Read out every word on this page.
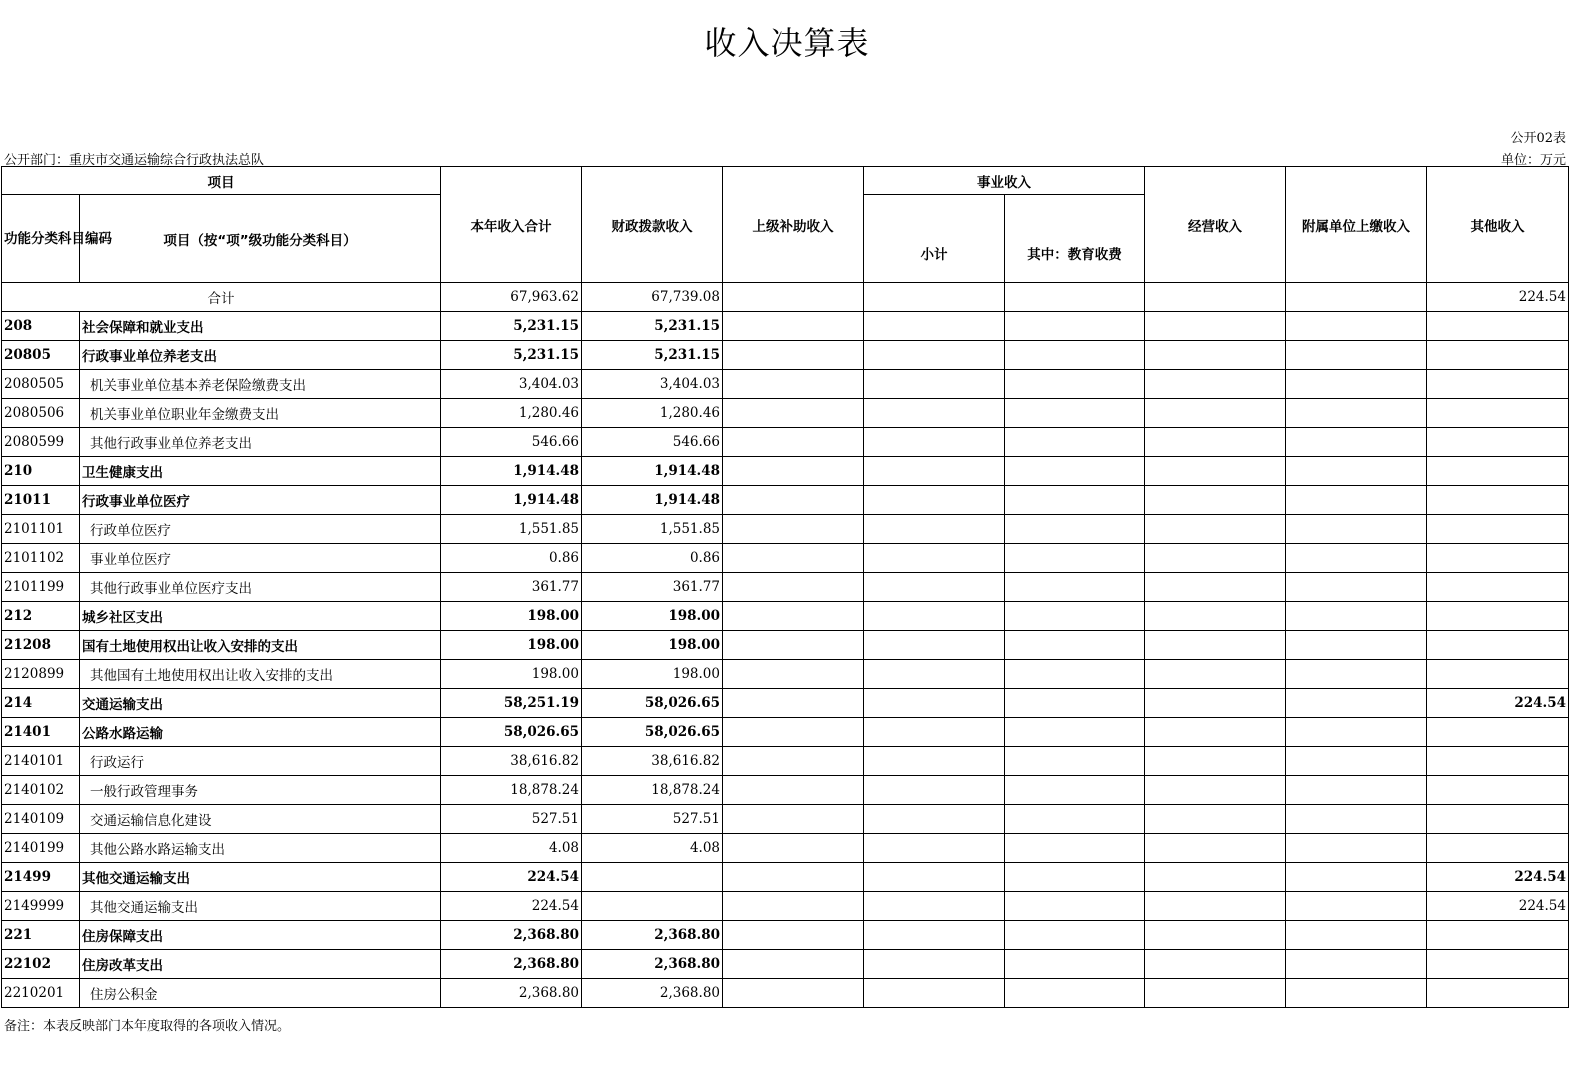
收入决算表
公开02表
公开部门：重庆市交通运输综合行政执法总队	单位：万元
项目		本年收入合计	财政拨款收入	上级补助收入	事业收入		经营收入	附属单位上缴收入	其他收入
功能分类科目编码	项目（按“项”级功能分类科目）				小计	其中：教育收费			
合计		67,963.62	67,739.08						224.54
208	社会保障和就业支出	5,231.15	5,231.15						
20805	行政事业单位养老支出	5,231.15	5,231.15						
2080505	机关事业单位基本养老保险缴费支出	3,404.03	3,404.03						
2080506	机关事业单位职业年金缴费支出	1,280.46	1,280.46						
2080599	其他行政事业单位养老支出	546.66	546.66						
210	卫生健康支出	1,914.48	1,914.48						
21011	行政事业单位医疗	1,914.48	1,914.48						
2101101	行政单位医疗	1,551.85	1,551.85						
2101102	事业单位医疗	0.86	0.86						
2101199	其他行政事业单位医疗支出	361.77	361.77						
212	城乡社区支出	198.00	198.00						
21208	国有土地使用权出让收入安排的支出	198.00	198.00						
2120899	其他国有土地使用权出让收入安排的支出	198.00	198.00						
214	交通运输支出	58,251.19	58,026.65						224.54
21401	公路水路运输	58,026.65	58,026.65						
2140101	行政运行	38,616.82	38,616.82						
2140102	一般行政管理事务	18,878.24	18,878.24						
2140109	交通运输信息化建设	527.51	527.51						
2140199	其他公路水路运输支出	4.08	4.08						
21499	其他交通运输支出	224.54							224.54
2149999	其他交通运输支出	224.54							224.54
221	住房保障支出	2,368.80	2,368.80						
22102	住房改革支出	2,368.80	2,368.80						
2210201	住房公积金	2,368.80	2,368.80						
备注：本表反映部门本年度取得的各项收入情况。
